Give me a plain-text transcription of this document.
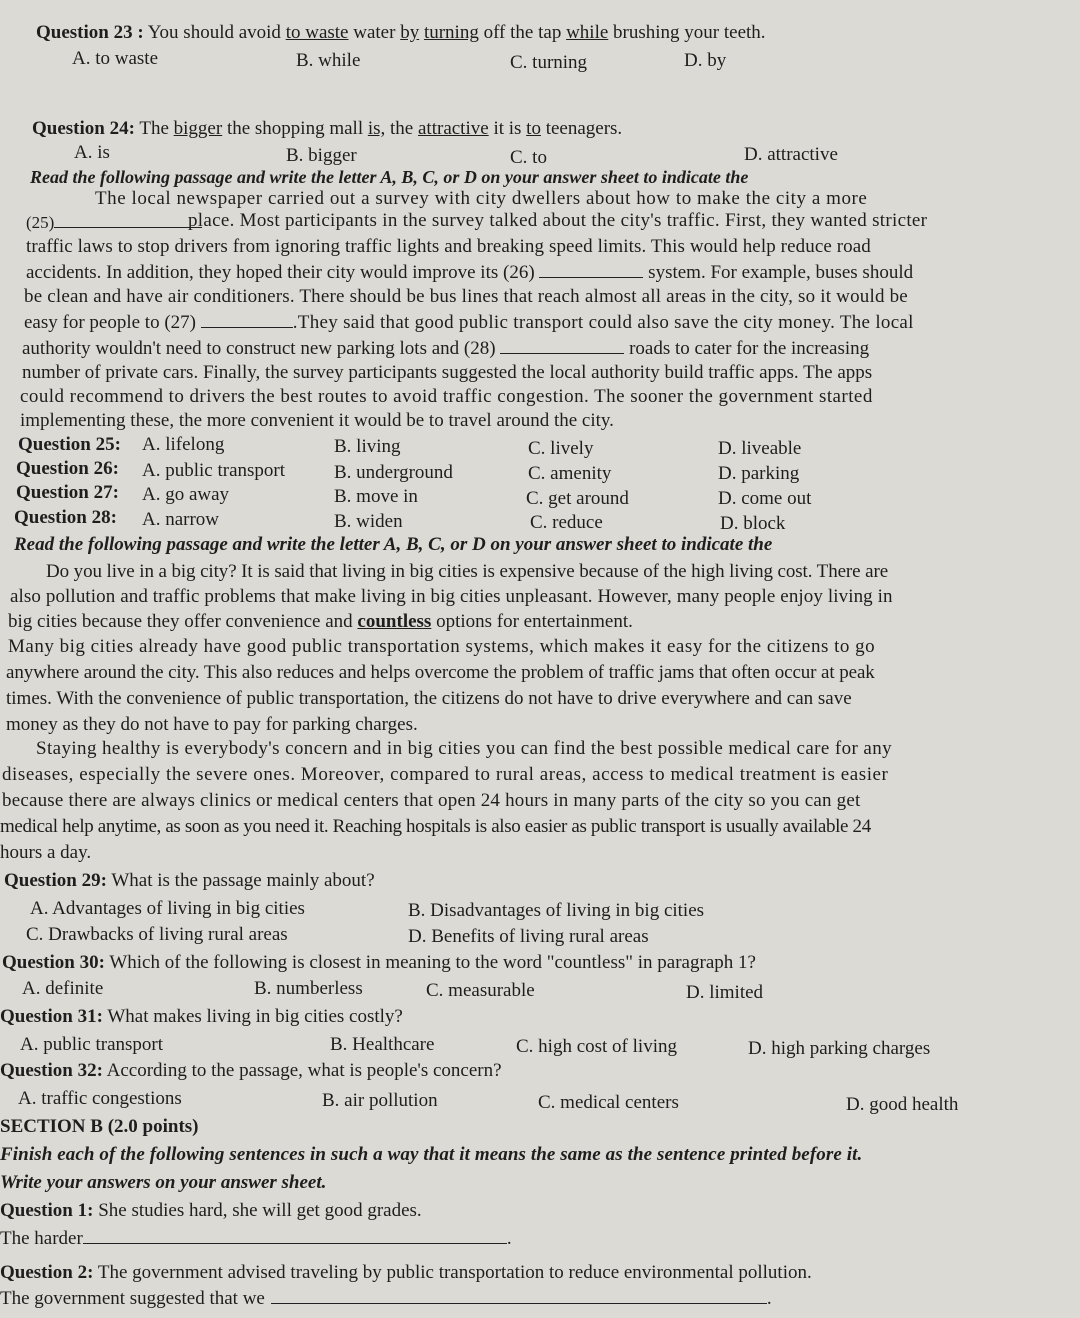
Question 23 : You should avoid to waste water by turning off the tap while brushing your teeth.
A. to waste	B. while	C. turning	D. by
Question 24: The bigger the shopping mall is, the attractive it is to teenagers.
A. is	B. bigger	C. to	D. attractive
Read the following passage and write the letter A, B, C, or D on your answer sheet to indicate the
The local newspaper carried out a survey with city dwellers about how to make the city a more
(25)	place. Most participants in the survey talked about the city's traffic. First, they wanted stricter
traffic laws to stop drivers from ignoring traffic lights and breaking speed limits. This would help reduce road
accidents. In addition, they hoped their city would improve its (26)	system. For example, buses should
be clean and have air conditioners. There should be bus lines that reach almost all areas in the city, so it would be
easy for people to (27)	.They said that good public transport could also save the city money. The local
authority wouldn't need to construct new parking lots and (28)	roads to cater for the increasing
number of private cars. Finally, the survey participants suggested the local authority build traffic apps. The apps
could recommend to drivers the best routes to avoid traffic congestion. The sooner the government started
implementing these, the more convenient it would be to travel around the city.
Question 25: A. lifelong	B. living	C. lively	D. liveable
Question 26: A. public transport	B. underground	C. amenity	D. parking
Question 27: A. go away	B. move in	C. get around	D. come out
Question 28: A. narrow	B. widen	C. reduce	D. block
Read the following passage and write the letter A, B, C, or D on your answer sheet to indicate the
Do you live in a big city? It is said that living in big cities is expensive because of the high living cost. There are
also pollution and traffic problems that make living in big cities unpleasant. However, many people enjoy living in
big cities because they offer convenience and countless options for entertainment.
Many big cities already have good public transportation systems, which makes it easy for the citizens to go
anywhere around the city. This also reduces and helps overcome the problem of traffic jams that often occur at peak
times. With the convenience of public transportation, the citizens do not have to drive everywhere and can save
money as they do not have to pay for parking charges.
Staying healthy is everybody's concern and in big cities you can find the best possible medical care for any
diseases, especially the severe ones. Moreover, compared to rural areas, access to medical treatment is easier
because there are always clinics or medical centers that open 24 hours in many parts of the city so you can get
medical help anytime, as soon as you need it. Reaching hospitals is also easier as public transport is usually available 24
hours a day.
Question 29: What is the passage mainly about?
A. Advantages of living in big cities	B. Disadvantages of living in big cities
C. Drawbacks of living rural areas	D. Benefits of living rural areas
Question 30: Which of the following is closest in meaning to the word "countless" in paragraph 1?
A. definite	B. numberless	C. measurable	D. limited
Question 31: What makes living in big cities costly?
A. public transport	B. Healthcare	C. high cost of living	D. high parking charges
Question 32: According to the passage, what is people's concern?
A. traffic congestions	B. air pollution	C. medical centers	D. good health
SECTION B (2.0 points)
Finish each of the following sentences in such a way that it means the same as the sentence printed before it.
Write your answers on your answer sheet.
Question 1: She studies hard, she will get good grades.
The harder	.
Question 2: The government advised traveling by public transportation to reduce environmental pollution.
The government suggested that we	.
